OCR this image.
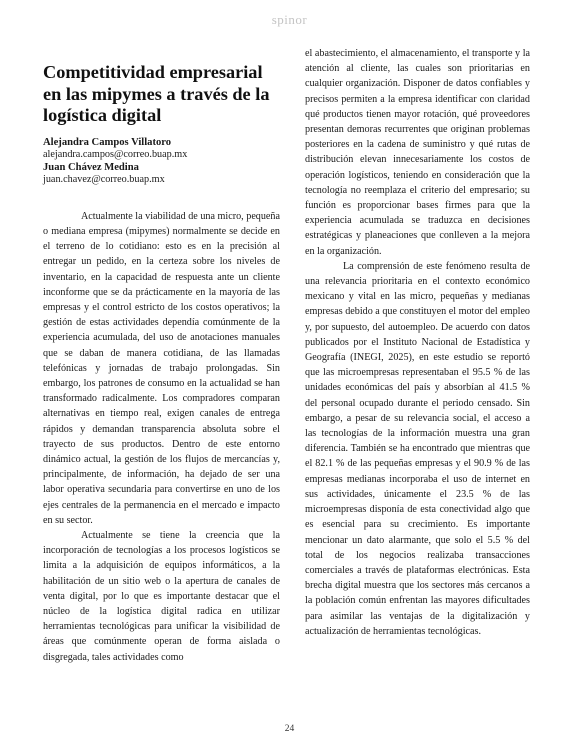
spinor
Competitividad empresarial en las mipymes a través de la logística digital

Alejandra Campos Villatoro

alejandra.campos@correo.buap.mx

Juan Chávez Medina

juan.chavez@correo.buap.mx

Actualmente la viabilidad de una micro, pequeña o mediana empresa (mipymes) normalmente se decide en el terreno de lo cotidiano: esto es en la precisión al entregar un pedido, en la certeza sobre los niveles de inventario, en la capacidad de respuesta ante un cliente inconforme que se da prácticamente en la mayoría de las empresas y el control estricto de los costos operativos; la gestión de estas actividades dependía comúnmente de la experiencia acumulada, del uso de anotaciones manuales que se daban de manera cotidiana, de las llamadas telefónicas y jornadas de trabajo prolongadas. Sin embargo, los patrones de consumo en la actualidad se han transformado radicalmente. Los compradores comparan alternativas en tiempo real, exigen canales de entrega rápidos y demandan transparencia absoluta sobre el trayecto de sus productos. Dentro de este entorno dinámico actual, la gestión de los flujos de mercancías y, principalmente, de información, ha dejado de ser una labor operativa secundaria para convertirse en uno de los ejes centrales de la permanencia en el mercado e impacto en su sector.

Actualmente se tiene la creencia que la incorporación de tecnologías a los procesos logísticos se limita a la adquisición de equipos informáticos, a la habilitación de un sitio web o la apertura de canales de venta digital, por lo que es importante destacar que el núcleo de la logística digital radica en utilizar herramientas tecnológicas para unificar la visibilidad de áreas que comúnmente operan de forma aislada o disgregada, tales actividades como

el abastecimiento, el almacenamiento, el transporte y la atención al cliente, las cuales son prioritarias en cualquier organización. Disponer de datos confiables y precisos permiten a la empresa identificar con claridad qué productos tienen mayor rotación, qué proveedores presentan demoras recurrentes que originan problemas posteriores en la cadena de suministro y qué rutas de distribución elevan innecesariamente los costos de operación logísticos, teniendo en consideración que la tecnología no reemplaza el criterio del empresario; su función es proporcionar bases firmes para que la experiencia acumulada se traduzca en decisiones estratégicas y planeaciones que conlleven a la mejora en la organización.

La comprensión de este fenómeno resulta de una relevancia prioritaria en el contexto económico mexicano y vital en las micro, pequeñas y medianas empresas debido a que constituyen el motor del empleo y, por supuesto, del autoempleo. De acuerdo con datos publicados por el Instituto Nacional de Estadística y Geografía (INEGI, 2025), en este estudio se reportó que las microempresas representaban el 95.5 % de las unidades económicas del país y absorbían al 41.5 % del personal ocupado durante el periodo censado. Sin embargo, a pesar de su relevancia social, el acceso a las tecnologías de la información muestra una gran diferencia. También se ha encontrado que mientras que el 82.1 % de las pequeñas empresas y el 90.9 % de las empresas medianas incorporaba el uso de internet en sus actividades, únicamente el 23.5 % de las microempresas disponía de esta conectividad algo que es esencial para su crecimiento. Es importante mencionar un dato alarmante, que solo el 5.5 % del total de los negocios realizaba transacciones comerciales a través de plataformas electrónicas. Esta brecha digital muestra que los sectores más cercanos a la población común enfrentan las mayores dificultades para asimilar las ventajas de la digitalización y actualización de herramientas tecnológicas.

24
